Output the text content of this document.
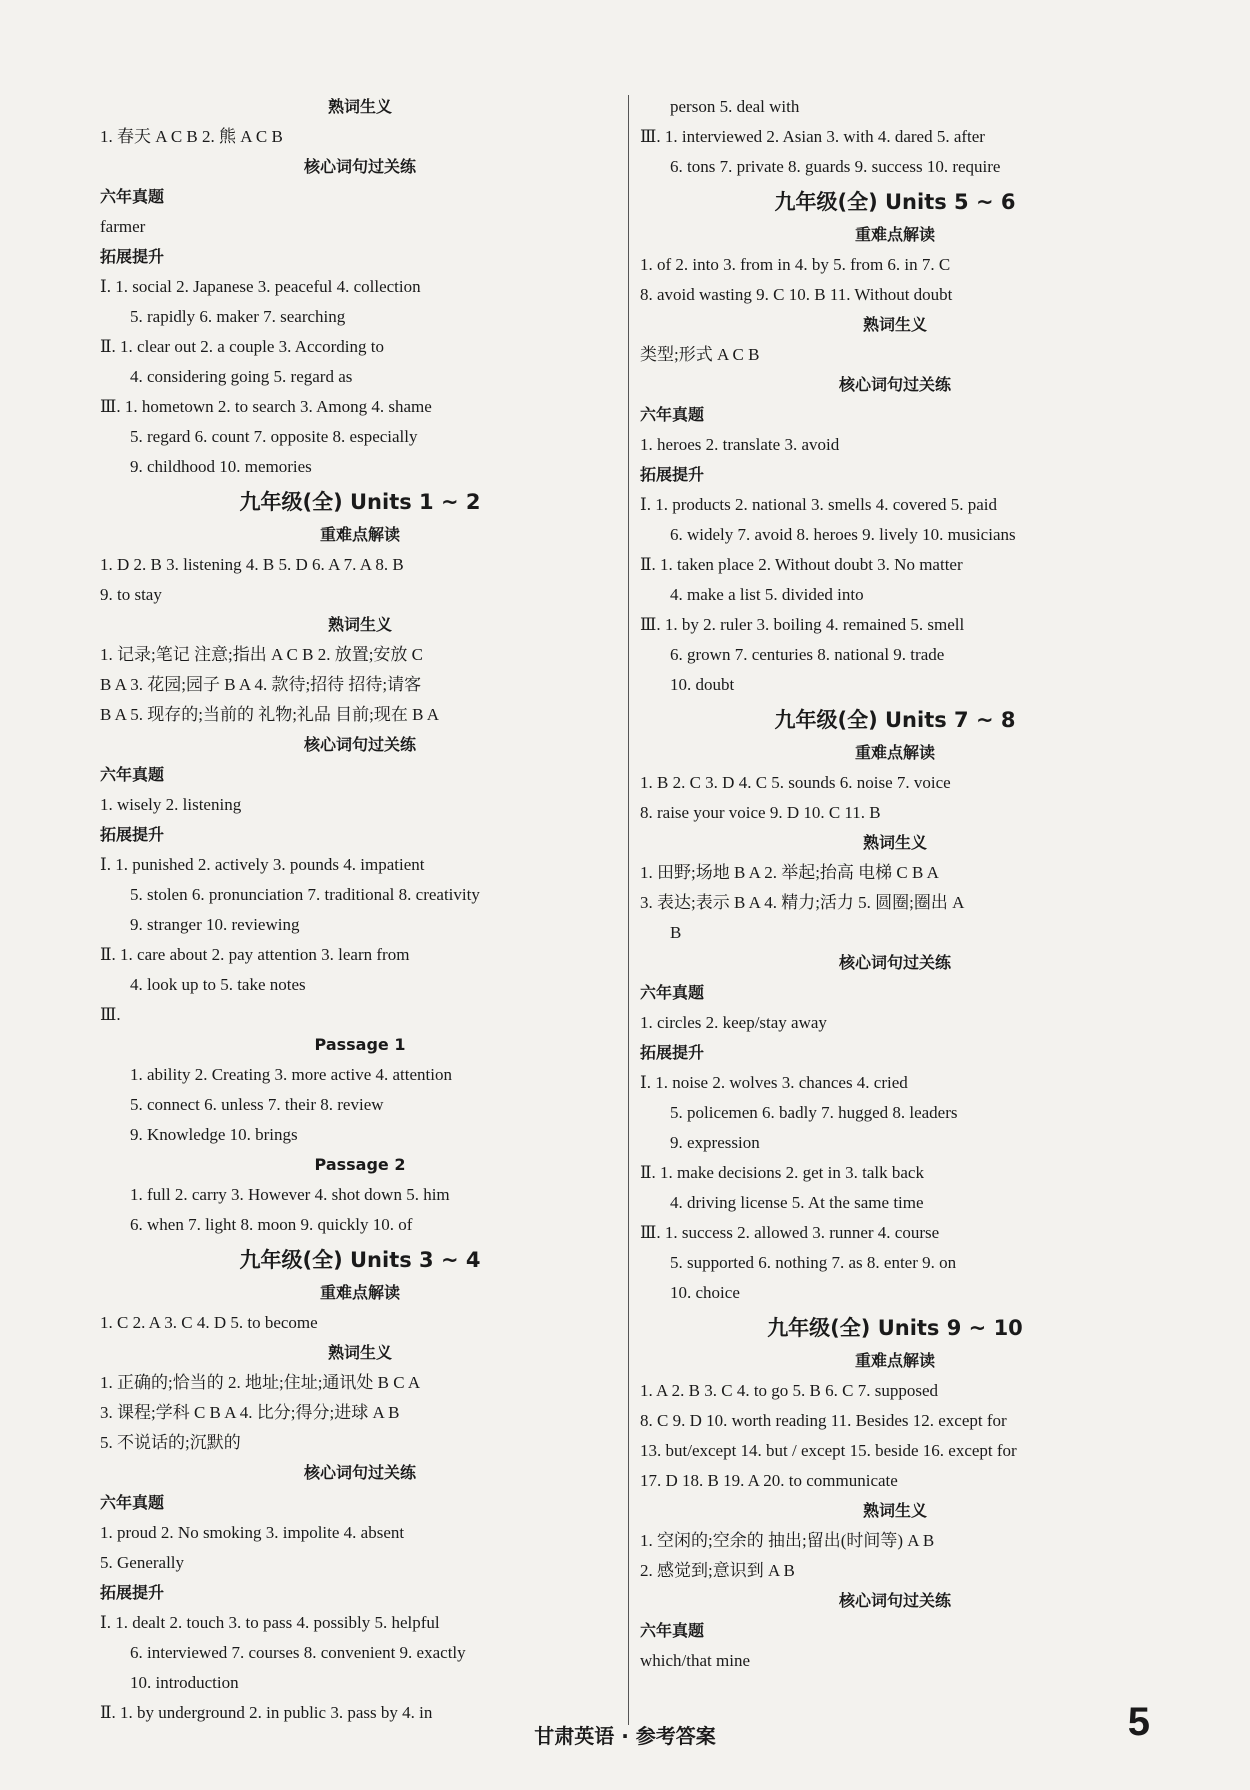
熟词生义
1. 春天 A C B 2. 熊 A C B
核心词句过关练
六年真题
farmer
拓展提升
Ⅰ. 1. social 2. Japanese 3. peaceful 4. collection
5. rapidly 6. maker 7. searching
Ⅱ. 1. clear out 2. a couple 3. According to
4. considering going 5. regard as
Ⅲ. 1. hometown 2. to search 3. Among 4. shame
5. regard 6. count 7. opposite 8. especially
9. childhood 10. memories
九年级(全) Units 1 ~ 2
重难点解读
1. D 2. B 3. listening 4. B 5. D 6. A 7. A 8. B
9. to stay
熟词生义
1. 记录;笔记 注意;指出 A C B 2. 放置;安放 C
B A 3. 花园;园子 B A 4. 款待;招待 招待;请客
B A 5. 现存的;当前的 礼物;礼品 目前;现在 B A
核心词句过关练
六年真题
1. wisely 2. listening
拓展提升
Ⅰ. 1. punished 2. actively 3. pounds 4. impatient
5. stolen 6. pronunciation 7. traditional 8. creativity
9. stranger 10. reviewing
Ⅱ. 1. care about 2. pay attention 3. learn from
4. look up to 5. take notes
Ⅲ.
Passage 1
1. ability 2. Creating 3. more active 4. attention
5. connect 6. unless 7. their 8. review
9. Knowledge 10. brings
Passage 2
1. full 2. carry 3. However 4. shot down 5. him
6. when 7. light 8. moon 9. quickly 10. of
九年级(全) Units 3 ~ 4
重难点解读
1. C 2. A 3. C 4. D 5. to become
熟词生义
1. 正确的;恰当的 2. 地址;住址;通讯处 B C A
3. 课程;学科 C B A 4. 比分;得分;进球 A B
5. 不说话的;沉默的
核心词句过关练
六年真题
1. proud 2. No smoking 3. impolite 4. absent
5. Generally
拓展提升
Ⅰ. 1. dealt 2. touch 3. to pass 4. possibly 5. helpful
6. interviewed 7. courses 8. convenient 9. exactly
10. introduction
Ⅱ. 1. by underground 2. in public 3. pass by 4. in
person 5. deal with
Ⅲ. 1. interviewed 2. Asian 3. with 4. dared 5. after
6. tons 7. private 8. guards 9. success 10. require
九年级(全) Units 5 ~ 6
重难点解读
1. of 2. into 3. from in 4. by 5. from 6. in 7. C
8. avoid wasting 9. C 10. B 11. Without doubt
熟词生义
类型;形式 A C B
核心词句过关练
六年真题
1. heroes 2. translate 3. avoid
拓展提升
Ⅰ. 1. products 2. national 3. smells 4. covered 5. paid
6. widely 7. avoid 8. heroes 9. lively 10. musicians
Ⅱ. 1. taken place 2. Without doubt 3. No matter
4. make a list 5. divided into
Ⅲ. 1. by 2. ruler 3. boiling 4. remained 5. smell
6. grown 7. centuries 8. national 9. trade
10. doubt
九年级(全) Units 7 ~ 8
重难点解读
1. B 2. C 3. D 4. C 5. sounds 6. noise 7. voice
8. raise your voice 9. D 10. C 11. B
熟词生义
1. 田野;场地 B A 2. 举起;抬高 电梯 C B A
3. 表达;表示 B A 4. 精力;活力 5. 圆圈;圈出 A
B
核心词句过关练
六年真题
1. circles 2. keep/stay away
拓展提升
Ⅰ. 1. noise 2. wolves 3. chances 4. cried
5. policemen 6. badly 7. hugged 8. leaders
9. expression
Ⅱ. 1. make decisions 2. get in 3. talk back
4. driving license 5. At the same time
Ⅲ. 1. success 2. allowed 3. runner 4. course
5. supported 6. nothing 7. as 8. enter 9. on
10. choice
九年级(全) Units 9 ~ 10
重难点解读
1. A 2. B 3. C 4. to go 5. B 6. C 7. supposed
8. C 9. D 10. worth reading 11. Besides 12. except for
13. but/except 14. but / except 15. beside 16. except for
17. D 18. B 19. A 20. to communicate
熟词生义
1. 空闲的;空余的 抽出;留出(时间等) A B
2. 感觉到;意识到 A B
核心词句过关练
六年真题
which/that mine
甘肃英语 · 参考答案	5
